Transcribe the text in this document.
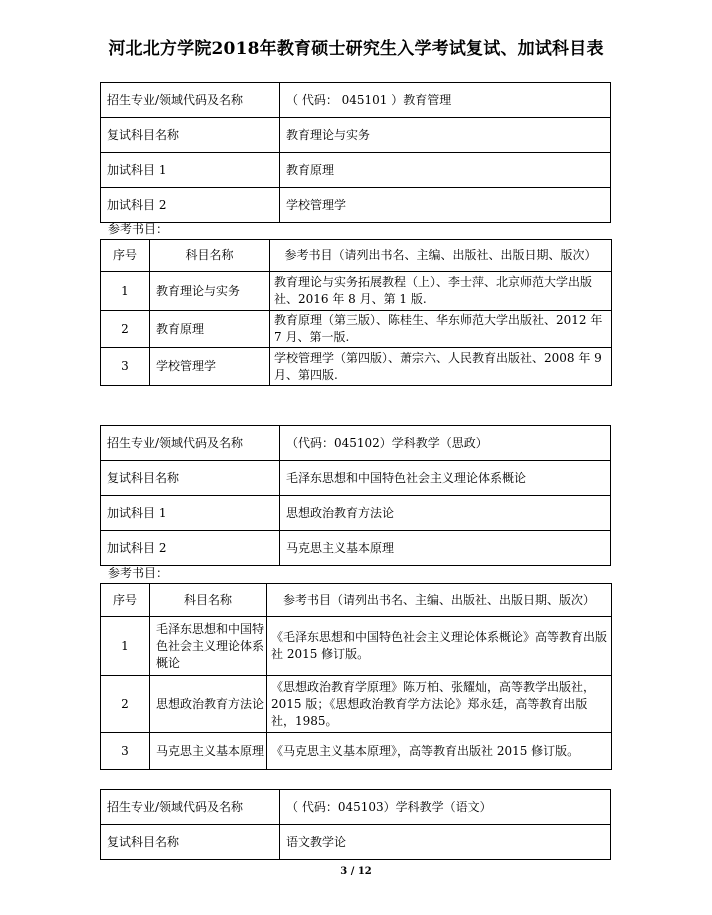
河北北方学院2018年教育硕士研究生入学考试复试、加试科目表
招生专业/领域代码及名称	（ 代码： 045101 ）教育管理
复试科目名称	教育理论与实务
加试科目 1	教育原理
加试科目 2	学校管理学
参考书目：
序号	科目名称	参考书目（请列出书名、主编、出版社、出版日期、版次）
1	教育理论与实务	教育理论与实务拓展教程（上）、李士萍、北京师范大学出版社、2016 年 8 月、第 1 版.
2	教育原理	教育原理（第三版）、陈桂生、华东师范大学出版社、2012 年 7 月、第一版.
3	学校管理学	学校管理学（第四版）、萧宗六、人民教育出版社、2008 年 9 月、第四版.
招生专业/领域代码及名称	（代码：045102）学科教学（思政）
复试科目名称	毛泽东思想和中国特色社会主义理论体系概论
加试科目 1	思想政治教育方法论
加试科目 2	马克思主义基本原理
参考书目：
序号	科目名称	参考书目（请列出书名、主编、出版社、出版日期、版次）
1	毛泽东思想和中国特色社会主义理论体系概论	《毛泽东思想和中国特色社会主义理论体系概论》高等教育出版社 2015 修订版。
2	思想政治教育方法论	《思想政治教育学原理》陈万柏、张耀灿，高等教学出版社，2015 版；《思想政治教育学方法论》郑永廷，高等教育出版社，1985。
3	马克思主义基本原理	《马克思主义基本原理》，高等教育出版社 2015 修订版。
招生专业/领域代码及名称	（ 代码：045103）学科教学（语文）
复试科目名称	语文教学论
3 / 12
